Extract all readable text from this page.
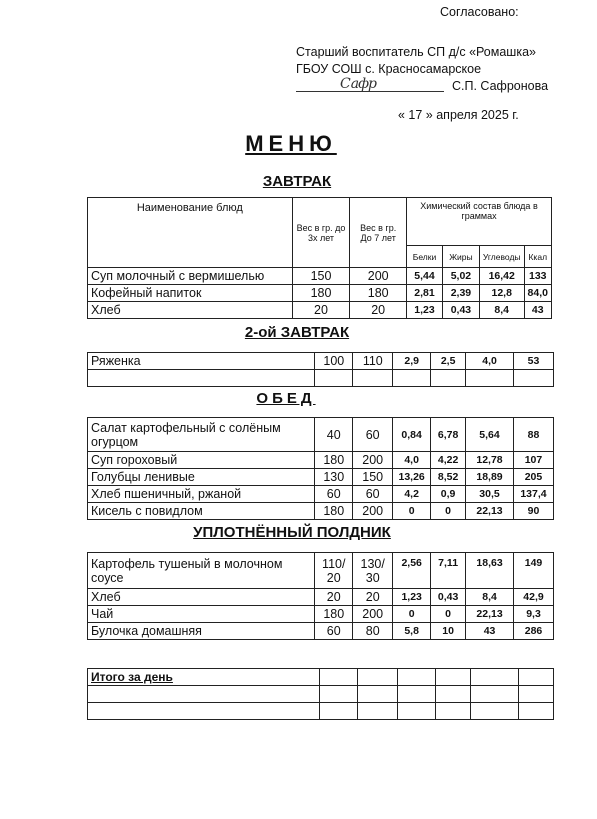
Согласовано:
Старший воспитатель СП д/с «Ромашка»
ГБОУ СОШ с. Красносамарское
Сафр	С.П. Сафронова
« 17 » апреля 2025 г.
МЕНЮ
ЗАВТРАК
Наименование блюд	Вес в гр. до 3х лет	Вес в гр. До 7 лет	Химический состав блюда в граммах			
			Белки	Жиры	Углеводы	Ккал
Суп молочный с вермишелью	150	200	5,44	5,02	16,42	133
Кофейный напиток	180	180	2,81	2,39	12,8	84,0
Хлеб	20	20	1,23	0,43	8,4	43
2-ой ЗАВТРАК
Ряженка	100	110	2,9	2,5	4,0	53

ОБЕД
Салат картофельный с солёным огурцом	40	60	0,84	6,78	5,64	88
Суп гороховый	180	200	4,0	4,22	12,78	107
Голубцы ленивые	130	150	13,26	8,52	18,89	205
Хлеб пшеничный, ржаной	60	60	4,2	0,9	30,5	137,4
Кисель с повидлом	180	200	0	0	22,13	90
УПЛОТНЁННЫЙ ПОЛДНИК
Картофель тушеный в молочном соусе	110/ 20	130/ 30	2,56	7,11	18,63	149
Хлеб	20	20	1,23	0,43	8,4	42,9
Чай	180	200	0	0	22,13	9,3
Булочка домашняя	60	80	5,8	10	43	286
Итого за день						
